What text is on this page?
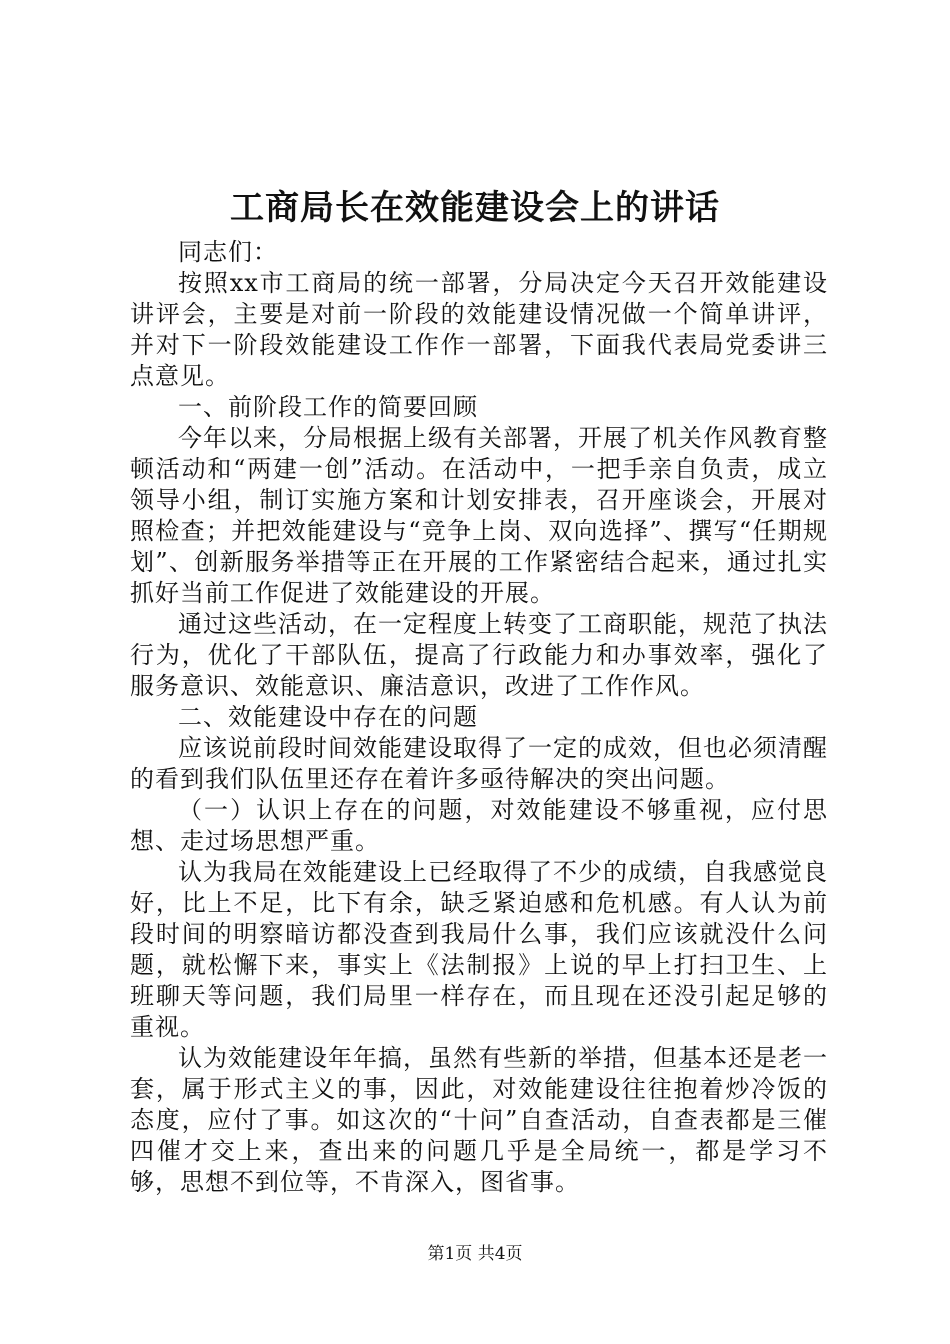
工商局长在效能建设会上的讲话

同志们：

按照xx市工商局的统一部署，分局决定今天召开效能建设讲评会，主要是对前一阶段的效能建设情况做一个简单讲评，并对下一阶段效能建设工作作一部署，下面我代表局党委讲三点意见。

一、前阶段工作的简要回顾

今年以来，分局根据上级有关部署，开展了机关作风教育整顿活动和“两建一创”活动。在活动中，一把手亲自负责，成立领导小组，制订实施方案和计划安排表，召开座谈会，开展对照检查；并把效能建设与“竞争上岗、双向选择”、撰写“任期规划”、创新服务举措等正在开展的工作紧密结合起来，通过扎实抓好当前工作促进了效能建设的开展。

通过这些活动，在一定程度上转变了工商职能，规范了执法行为，优化了干部队伍，提高了行政能力和办事效率，强化了服务意识、效能意识、廉洁意识，改进了工作作风。

二、效能建设中存在的问题

应该说前段时间效能建设取得了一定的成效，但也必须清醒的看到我们队伍里还存在着许多亟待解决的突出问题。

（一）认识上存在的问题，对效能建设不够重视，应付思想、走过场思想严重。

认为我局在效能建设上已经取得了不少的成绩，自我感觉良好，比上不足，比下有余，缺乏紧迫感和危机感。有人认为前段时间的明察暗访都没查到我局什么事，我们应该就没什么问题，就松懈下来，事实上《法制报》上说的早上打扫卫生、上班聊天等问题，我们局里一样存在，而且现在还没引起足够的重视。

认为效能建设年年搞，虽然有些新的举措，但基本还是老一套，属于形式主义的事，因此，对效能建设往往抱着炒冷饭的态度，应付了事。如这次的“十问”自查活动，自查表都是三催四催才交上来，查出来的问题几乎是全局统一，都是学习不够，思想不到位等，不肯深入，图省事。

第1页 共4页
